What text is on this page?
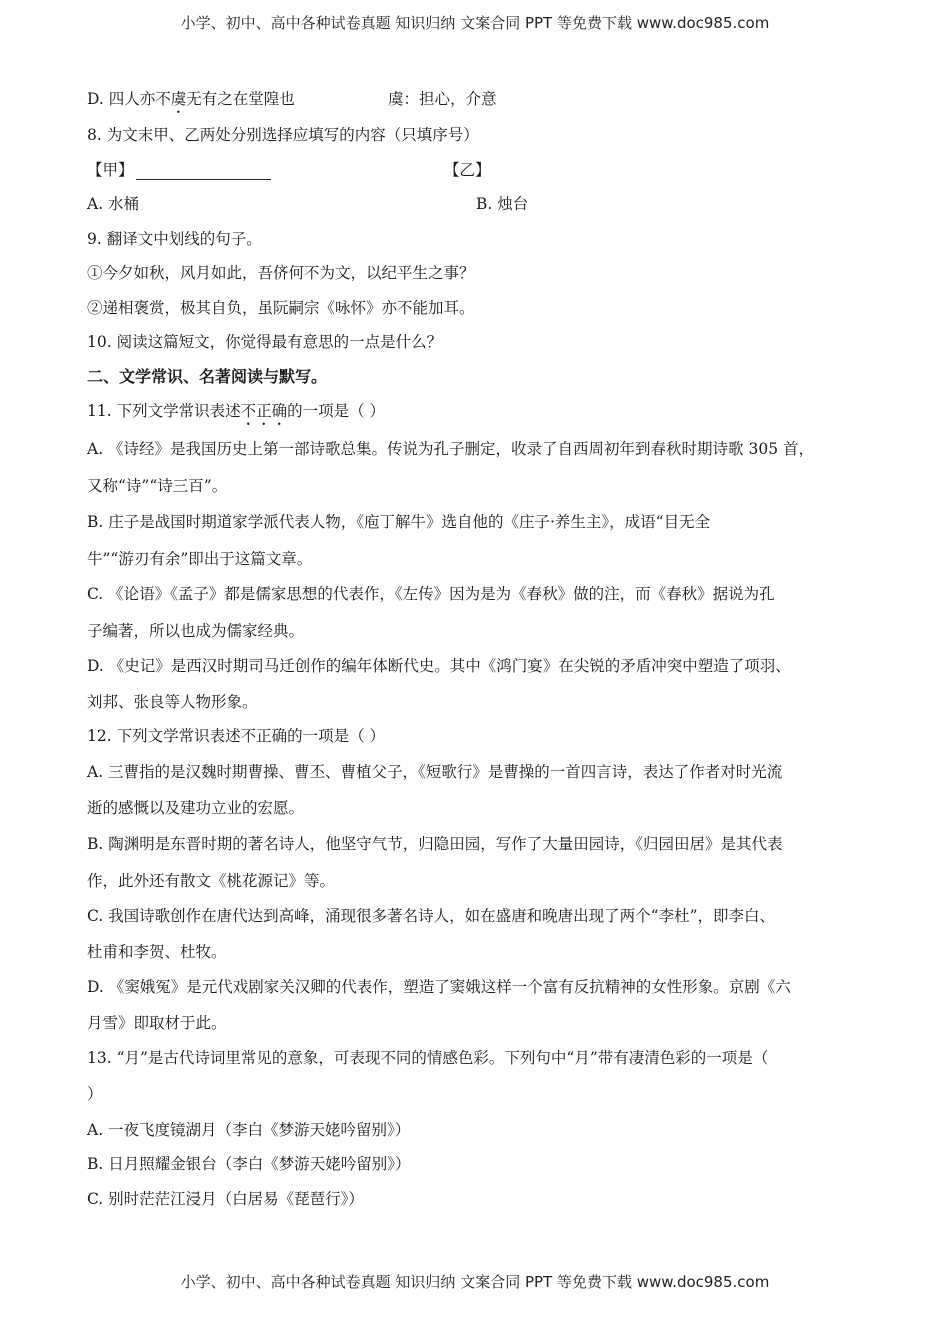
小学、初中、高中各种试卷真题 知识归纳 文案合同 PPT 等免费下载 www.doc985.com
D. 四人亦不虞无有之在堂隍也	虞：担心，介意
8. 为文末甲、乙两处分别选择应填写的内容（只填序号）
【甲】	【乙】
A. 水桶	B. 烛台
9. 翻译文中划线的句子。
①今夕如秋，风月如此，吾侪何不为文，以纪平生之事？
②递相褒赏，极其自负，虽阮嗣宗《咏怀》亦不能加耳。
10. 阅读这篇短文，你觉得最有意思的一点是什么？
二、文学常识、名著阅读与默写。
11. 下列文学常识表述不正确的一项是（ ）
A. 《诗经》是我国历史上第一部诗歌总集。传说为孔子删定，收录了自西周初年到春秋时期诗歌 305 首，
又称“诗”“诗三百”。
B. 庄子是战国时期道家学派代表人物，《庖丁解牛》选自他的《庄子·养生主》，成语“目无全
牛”“游刃有余”即出于这篇文章。
C. 《论语》《孟子》都是儒家思想的代表作，《左传》因为是为《春秋》做的注，而《春秋》据说为孔
子编著，所以也成为儒家经典。
D. 《史记》是西汉时期司马迁创作的编年体断代史。其中《鸿门宴》在尖锐的矛盾冲突中塑造了项羽、
刘邦、张良等人物形象。
12. 下列文学常识表述不正确的一项是（ ）
A. 三曹指的是汉魏时期曹操、曹丕、曹植父子，《短歌行》是曹操的一首四言诗，表达了作者对时光流
逝的感慨以及建功立业的宏愿。
B. 陶渊明是东晋时期的著名诗人，他坚守气节，归隐田园，写作了大量田园诗，《归园田居》是其代表
作，此外还有散文《桃花源记》等。
C. 我国诗歌创作在唐代达到高峰，涌现很多著名诗人，如在盛唐和晚唐出现了两个“李杜”，即李白、
杜甫和李贺、杜牧。
D. 《窦娥冤》是元代戏剧家关汉卿的代表作，塑造了窦娥这样一个富有反抗精神的女性形象。京剧《六
月雪》即取材于此。
13. “月”是古代诗词里常见的意象，可表现不同的情感色彩。下列句中“月”带有凄清色彩的一项是（
）
A. 一夜飞度镜湖月（李白《梦游天姥吟留别》）
B. 日月照耀金银台（李白《梦游天姥吟留别》）
C. 别时茫茫江浸月（白居易《琵琶行》）
小学、初中、高中各种试卷真题 知识归纳 文案合同 PPT 等免费下载 www.doc985.com
